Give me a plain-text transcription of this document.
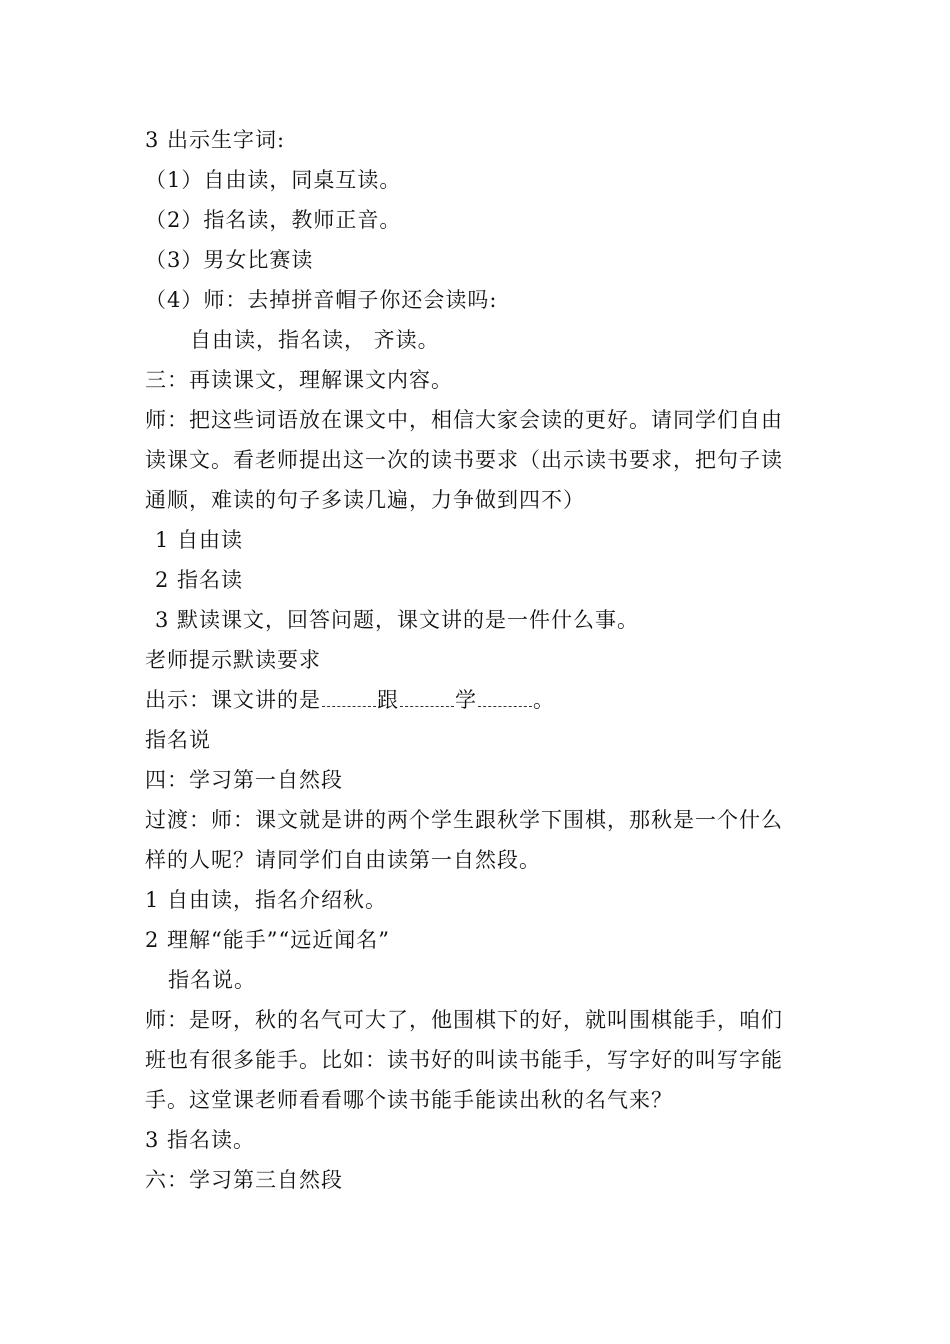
3 出示生字词:
（1）自由读，同桌互读。
（2）指名读，教师正音。
（3）男女比赛读
（4）师：去掉拼音帽子你还会读吗:
自由读，指名读， 齐读。
三：再读课文，理解课文内容。
师：把这些词语放在课文中，相信大家会读的更好。请同学们自由
读课文。看老师提出这一次的读书要求（出示读书要求，把句子读
通顺，难读的句子多读几遍，力争做到四不）
1 自由读
2 指名读
3 默读课文，回答问题，课文讲的是一件什么事。
老师提示默读要求
出示：课文讲的是	跟	学	。
指名说
四：学习第一自然段
过渡：师：课文就是讲的两个学生跟秋学下围棋，那秋是一个什么
样的人呢？请同学们自由读第一自然段。
1 自由读，指名介绍秋。
2 理解“能手”“远近闻名”
指名说。
师：是呀，秋的名气可大了，他围棋下的好，就叫围棋能手，咱们
班也有很多能手。比如：读书好的叫读书能手，写字好的叫写字能
手。这堂课老师看看哪个读书能手能读出秋的名气来？
3 指名读。
六：学习第三自然段
